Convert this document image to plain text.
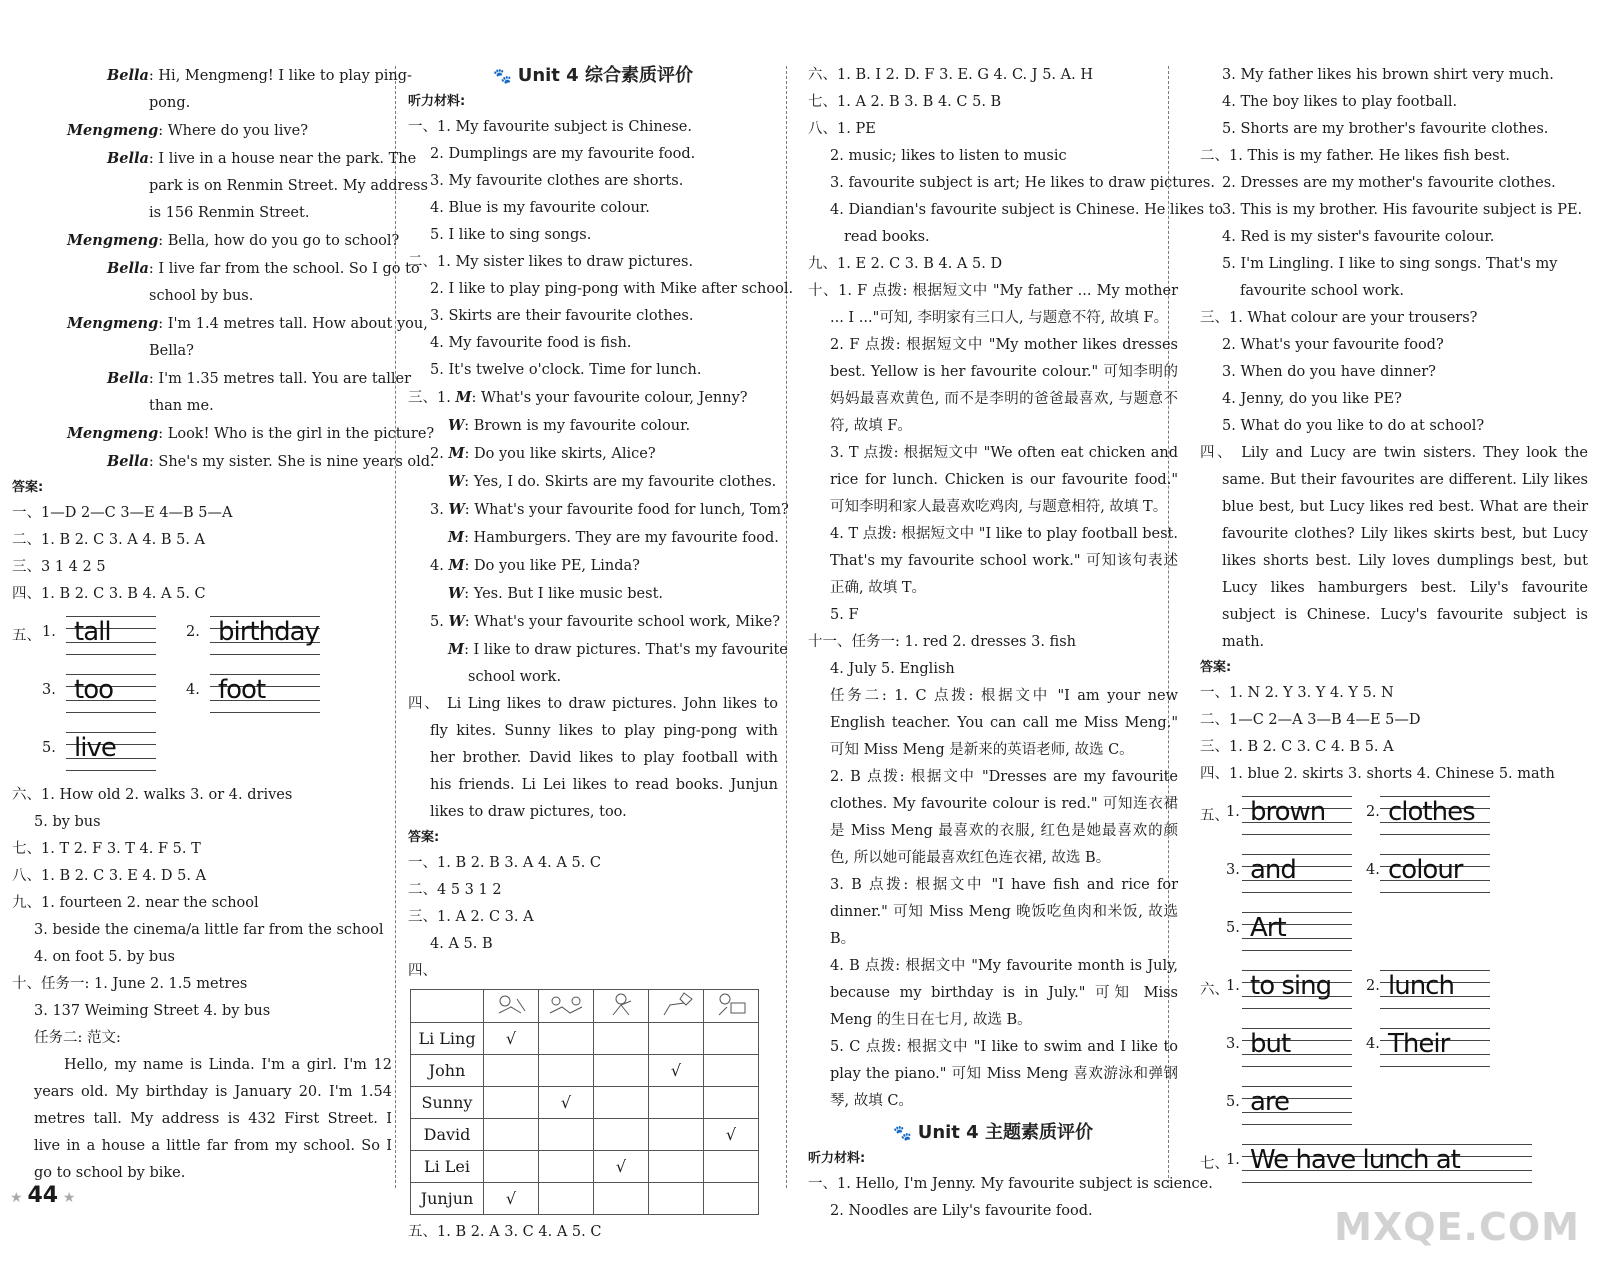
Bella: Hi, Mengmeng! I like to play ping-
pong.
Mengmeng: Where do you live?
Bella: I live in a house near the park. The
park is on Renmin Street. My address
is 156 Renmin Street.
Mengmeng: Bella, how do you go to school?
Bella: I live far from the school. So I go to
school by bus.
Mengmeng: I'm 1.4 metres tall. How about you,
Bella?
Bella: I'm 1.35 metres tall. You are taller
than me.
Mengmeng: Look! Who is the girl in the picture?
Bella: She's my sister. She is nine years old.
答案:
一、1—D 2—C 3—E 4—B 5—A
二、1. B 2. C 3. A 4. B 5. A
三、3 1 4 2 5
四、1. B 2. C 3. B 4. A 5. C
五、 1. tall	2. birthday
3. too	4. foot
5. live
六、1. How old 2. walks 3. or 4. drives
5. by bus
七、1. T 2. F 3. T 4. F 5. T
八、1. B 2. C 3. E 4. D 5. A
九、1. fourteen 2. near the school
3. beside the cinema/a little far from the school
4. on foot 5. by bus
十、任务一: 1. June 2. 1.5 metres
3. 137 Weiming Street 4. by bus
任务二: 范文:
Hello, my name is Linda. I'm a girl. I'm 12 years old. My birthday is January 20. I'm 1.54 metres tall. My address is 432 First Street. I live in a house a little far from my school. So I go to school by bike.
🐾 Unit 4 综合素质评价
听力材料:
一、1. My favourite subject is Chinese.
2. Dumplings are my favourite food.
3. My favourite clothes are shorts.
4. Blue is my favourite colour.
5. I like to sing songs.
二、1. My sister likes to draw pictures.
2. I like to play ping-pong with Mike after school.
3. Skirts are their favourite clothes.
4. My favourite food is fish.
5. It's twelve o'clock. Time for lunch.
三、1. M: What's your favourite colour, Jenny?
W: Brown is my favourite colour.
2. M: Do you like skirts, Alice?
W: Yes, I do. Skirts are my favourite clothes.
3. W: What's your favourite food for lunch, Tom?
M: Hamburgers. They are my favourite food.
4. M: Do you like PE, Linda?
W: Yes. But I like music best.
5. W: What's your favourite school work, Mike?
M: I like to draw pictures. That's my favourite
school work.
四、 Li Ling likes to draw pictures. John likes to fly kites. Sunny likes to play ping-pong with her brother. David likes to play football with his friends. Li Lei likes to read books. Junjun likes to draw pictures, too.
答案:
一、1. B 2. B 3. A 4. A 5. C
二、4 5 3 1 2
三、1. A 2. C 3. A
4. A 5. B
四、

Li Ling	√				
John				√	
Sunny		√			
David					√
Li Lei			√		
Junjun	√				
五、1. B 2. A 3. C 4. A 5. C
六、1. B. I 2. D. F 3. E. G 4. C. J 5. A. H
七、1. A 2. B 3. B 4. C 5. B
八、1. PE
2. music; likes to listen to music
3. favourite subject is art; He likes to draw pictures.
4. Diandian's favourite subject is Chinese. He likes to
read books.
九、1. E 2. C 3. B 4. A 5. D
十、1. F 点拨: 根据短文中 "My father ... My mother ... I ..."可知, 李明家有三口人, 与题意不符, 故填 F。
2. F 点拨: 根据短文中 "My mother likes dresses best. Yellow is her favourite colour." 可知李明的妈妈最喜欢黄色, 而不是李明的爸爸最喜欢, 与题意不符, 故填 F。
3. T 点拨: 根据短文中 "We often eat chicken and rice for lunch. Chicken is our favourite food." 可知李明和家人最喜欢吃鸡肉, 与题意相符, 故填 T。
4. T 点拨: 根据短文中 "I like to play football best. That's my favourite school work." 可知该句表述正确, 故填 T。
5. F
十一、任务一: 1. red 2. dresses 3. fish
4. July 5. English
任务二: 1. C 点拨: 根据文中 "I am your new English teacher. You can call me Miss Meng." 可知 Miss Meng 是新来的英语老师, 故选 C。
2. B 点拨: 根据文中 "Dresses are my favourite clothes. My favourite colour is red." 可知连衣裙是 Miss Meng 最喜欢的衣服, 红色是她最喜欢的颜色, 所以她可能最喜欢红色连衣裙, 故选 B。
3. B 点拨: 根据文中 "I have fish and rice for dinner." 可知 Miss Meng 晚饭吃鱼肉和米饭, 故选 B。
4. B 点拨: 根据文中 "My favourite month is July, because my birthday is in July." 可知 Miss Meng 的生日在七月, 故选 B。
5. C 点拨: 根据文中 "I like to swim and I like to play the piano." 可知 Miss Meng 喜欢游泳和弹钢琴, 故填 C。
🐾 Unit 4 主题素质评价
听力材料:
一、1. Hello, I'm Jenny. My favourite subject is science.
2. Noodles are Lily's favourite food.
3. My father likes his brown shirt very much.
4. The boy likes to play football.
5. Shorts are my brother's favourite clothes.
二、1. This is my father. He likes fish best.
2. Dresses are my mother's favourite clothes.
3. This is my brother. His favourite subject is PE.
4. Red is my sister's favourite colour.
5. I'm Lingling. I like to sing songs. That's my favourite school work.
三、1. What colour are your trousers?
2. What's your favourite food?
3. When do you have dinner?
4. Jenny, do you like PE?
5. What do you like to do at school?
四、 Lily and Lucy are twin sisters. They look the same. But their favourites are different. Lily likes blue best, but Lucy likes red best. What are their favourite clothes? Lily likes skirts best, but Lucy likes shorts best. Lily loves dumplings best, but Lucy likes hamburgers best. Lily's favourite subject is Chinese. Lucy's favourite subject is math.
答案:
一、1. N 2. Y 3. Y 4. Y 5. N
二、1—C 2—A 3—B 4—E 5—D
三、1. B 2. C 3. C 4. B 5. A
四、1. blue 2. skirts 3. shorts 4. Chinese 5. math
五、
1. brown	2. clothes
3. and	4. colour
5. Art
六、
1. to sing 2. lunch
3. but	4. Their
5. are
七、
1. We have lunch at
★ 44 ★
MXQE.COM
